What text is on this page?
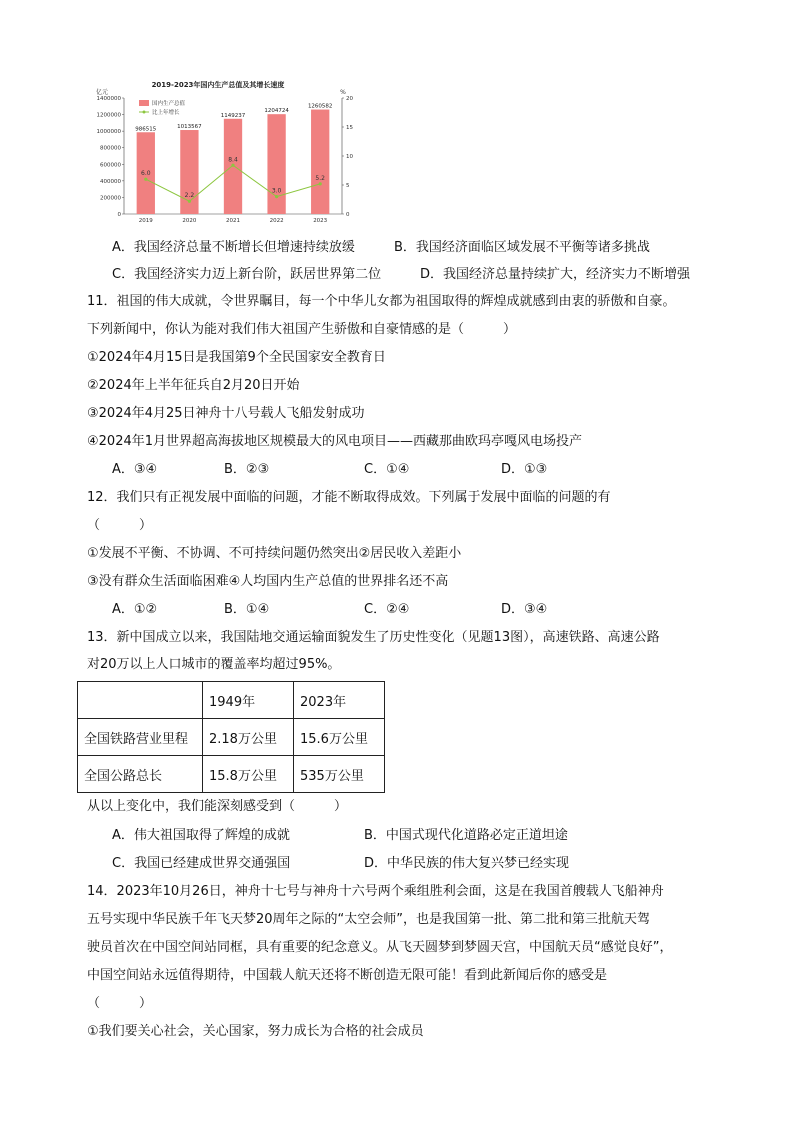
2019-2023年国内生产总值及其增长速度
亿元	%
0
200000
400000
600000
800000
1000000
1200000
1400000
0
5
10
15
20
986515
2019
1013567
2020
1149237
2021
1204724
2022
1260582
2023
6.0
2.2
8.4
3.0
5.2
国内生产总值
比上年增长
A．我国经济总量不断增长但增速持续放缓	B．我国经济面临区域发展不平衡等诸多挑战
C．我国经济实力迈上新台阶，跃居世界第二位	D．我国经济总量持续扩大，经济实力不断增强
11．祖国的伟大成就，令世界瞩目，每一个中华儿女都为祖国取得的辉煌成就感到由衷的骄傲和自豪。
下列新闻中，你认为能对我们伟大祖国产生骄傲和自豪情感的是（　　　）
①2024年4月15日是我国第9个全民国家安全教育日
②2024年上半年征兵自2月20日开始
③2024年4月25日神舟十八号载人飞船发射成功
④2024年1月世界超高海拔地区规模最大的风电项目——西藏那曲欧玛亭嘎风电场投产
A．③④	B．②③	C．①④	D．①③
12．我们只有正视发展中面临的问题，才能不断取得成效。下列属于发展中面临的问题的有
（　　　）
①发展不平衡、不协调、不可持续问题仍然突出②居民收入差距小
③没有群众生活面临困难④人均国内生产总值的世界排名还不高
A．①②	B．①④	C．②④	D．③④
13．新中国成立以来，我国陆地交通运输面貌发生了历史性变化（见题13图），高速铁路、高速公路
对20万以上人口城市的覆盖率均超过95%。
	1949年	2023年
全国铁路营业里程	2.18万公里	15.6万公里
全国公路总长	15.8万公里	535万公里
从以上变化中，我们能深刻感受到（　　　）
A．伟大祖国取得了辉煌的成就	B．中国式现代化道路必定正道坦途
C．我国已经建成世界交通强国	D．中华民族的伟大复兴梦已经实现
14．2023年10月26日，神舟十七号与神舟十六号两个乘组胜利会面，这是在我国首艘载人飞船神舟
五号实现中华民族千年飞天梦20周年之际的“太空会师”，也是我国第一批、第二批和第三批航天驾
驶员首次在中国空间站同框，具有重要的纪念意义。从飞天圆梦到梦圆天宫，中国航天员“感觉良好”，
中国空间站永远值得期待，中国载人航天还将不断创造无限可能！看到此新闻后你的感受是
（　　　）
①我们要关心社会，关心国家，努力成长为合格的社会成员
